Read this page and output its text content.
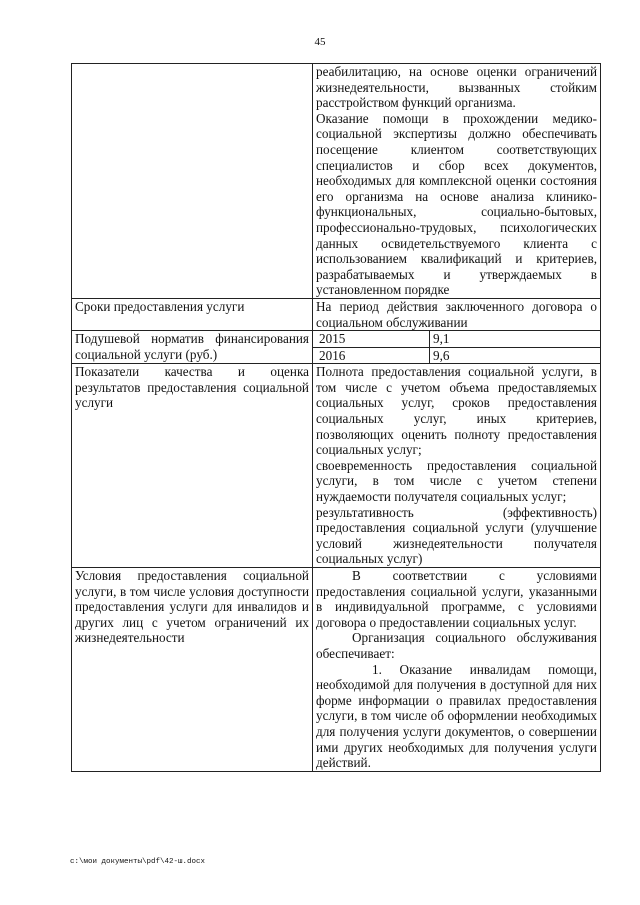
45

	реабилитацию, на основе оценки ограничений жизнедеятельности, вызванных стойким расстройством функций организма.

Оказание помощи в прохождении медико-социальной экспертизы должно обеспечивать посещение клиентом соответствующих специалистов и сбор всех документов, необходимых для комплексной оценки состояния его организма на основе анализа клинико-функциональных, социально-бытовых, профессионально-трудовых, психологических данных освидетельствуемого клиента с использованием квалификаций и критериев, разрабатываемых и утверждаемых в установленном порядке

Сроки предоставления услуги	На период действия заключенного договора о социальном обслуживании

Подушевой норматив финансирования социальной услуги (руб.)	2015 9,1

	2016 9,6

Показатели качества и оценка результатов предоставления социальной услуги	Полнота предоставления социальной услуги, в том числе с учетом объема предоставляемых социальных услуг, сроков предоставления социальных услуг, иных критериев, позволяющих оценить полноту предоставления социальных услуг;

своевременность предоставления социальной услуги, в том числе с учетом степени нуждаемости получателя социальных услуг;

результативность (эффективность) предоставления социальной услуги (улучшение условий жизнедеятельности получателя социальных услуг)

Условия предоставления социальной услуги, в том числе условия доступности предоставления услуги для инвалидов и других лиц с учетом ограничений их жизнедеятельности	В соответствии с условиями предоставления социальной услуги, указанными в индивидуальной программе, с условиями договора о предоставлении социальных услуг.

Организация социального обслуживания обеспечивает:

1. Оказание инвалидам помощи, необходимой для получения в доступной для них форме информации о правилах предоставления услуги, в том числе об оформлении необходимых для получения услуги документов, о совершении ими других необходимых для получения услуги действий.

c:\мои документы\pdf\42-ш.docx
